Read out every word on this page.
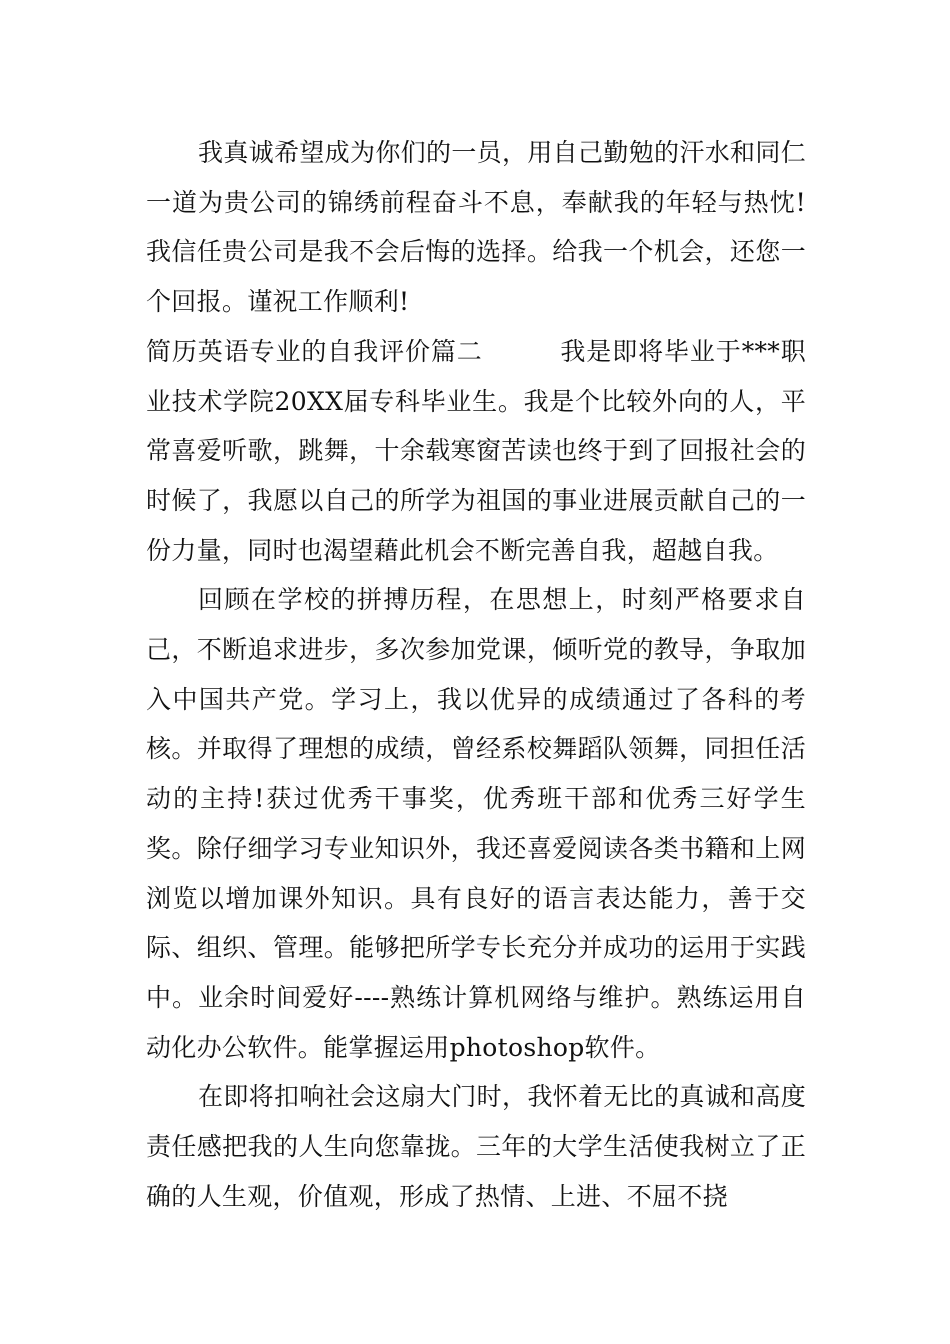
我真诚希望成为你们的一员，用自己勤勉的汗水和同仁一道为贵公司的锦绣前程奋斗不息，奉献我的年轻与热忱!我信任贵公司是我不会后悔的选择。给我一个机会，还您一个回报。谨祝工作顺利!

简历英语专业的自我评价篇二　　　我是即将毕业于***职业技术学院20XX届专科毕业生。我是个比较外向的人，平常喜爱听歌，跳舞，十余载寒窗苦读也终于到了回报社会的时候了，我愿以自己的所学为祖国的事业进展贡献自己的一份力量，同时也渴望藉此机会不断完善自我，超越自我。

回顾在学校的拼搏历程，在思想上，时刻严格要求自己，不断追求进步，多次参加党课，倾听党的教导，争取加入中国共产党。学习上，我以优异的成绩通过了各科的考核。并取得了理想的成绩，曾经系校舞蹈队领舞，同担任活动的主持!获过优秀干事奖，优秀班干部和优秀三好学生奖。除仔细学习专业知识外，我还喜爱阅读各类书籍和上网浏览以增加课外知识。具有良好的语言表达能力，善于交际、组织、管理。能够把所学专长充分并成功的运用于实践中。业余时间爱好----熟练计算机网络与维护。熟练运用自动化办公软件。能掌握运用photoshop软件。

在即将扣响社会这扇大门时，我怀着无比的真诚和高度责任感把我的人生向您靠拢。三年的大学生活使我树立了正确的人生观，价值观，形成了热情、上进、不屈不挠
